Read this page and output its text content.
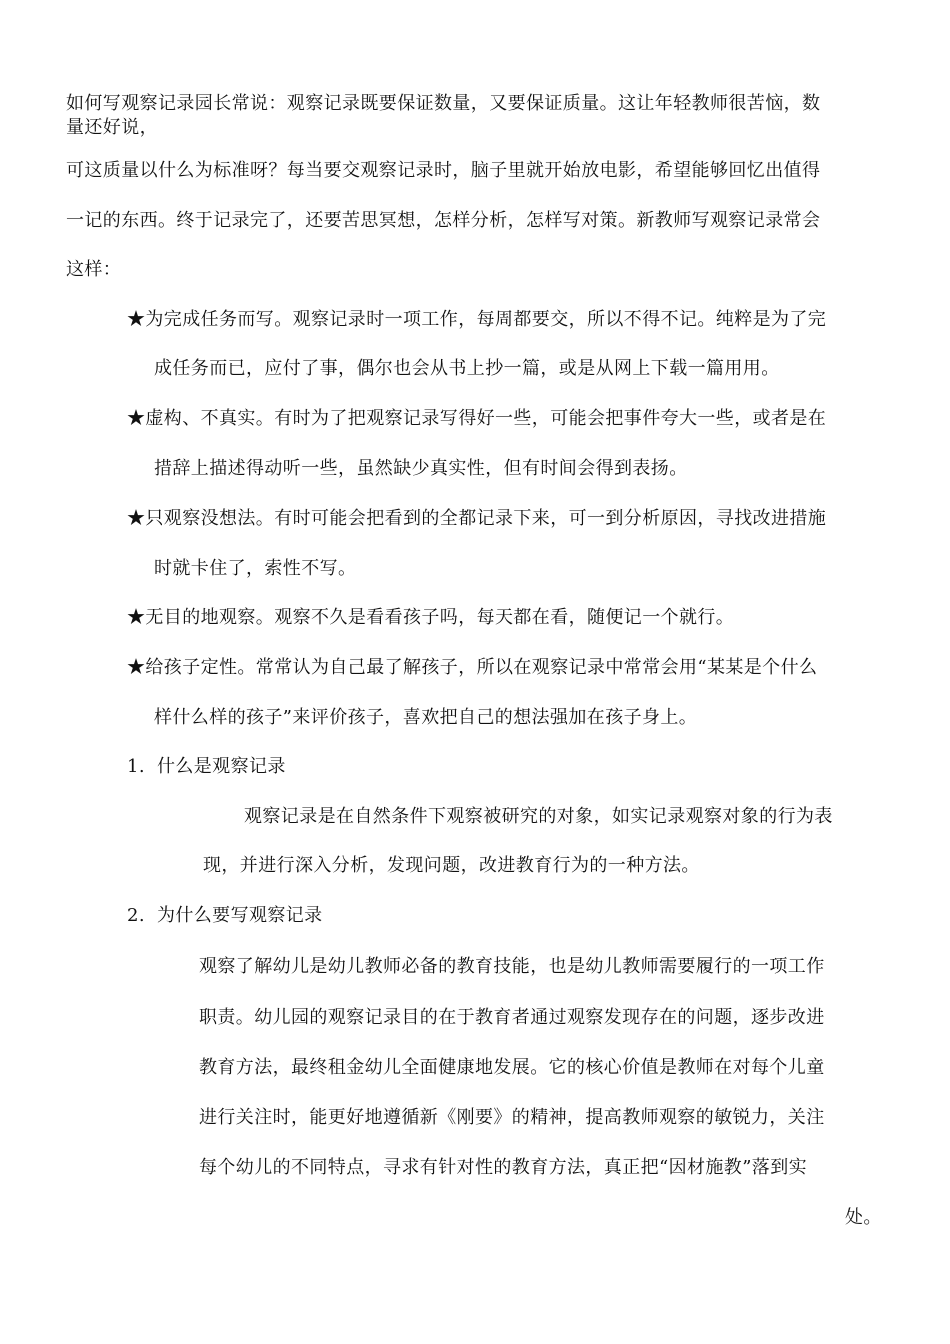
如何写观察记录园长常说：观察记录既要保证数量，又要保证质量。这让年轻教师很苦恼，数
量还好说，
可这质量以什么为标准呀？每当要交观察记录时，脑子里就开始放电影，希望能够回忆出值得
一记的东西。终于记录完了，还要苦思冥想，怎样分析，怎样写对策。新教师写观察记录常会
这样：
★为完成任务而写。观察记录时一项工作，每周都要交，所以不得不记。纯粹是为了完
成任务而已，应付了事，偶尔也会从书上抄一篇，或是从网上下载一篇用用。
★虚构、不真实。有时为了把观察记录写得好一些，可能会把事件夸大一些，或者是在
措辞上描述得动听一些，虽然缺少真实性，但有时间会得到表扬。
★只观察没想法。有时可能会把看到的全都记录下来，可一到分析原因，寻找改进措施
时就卡住了，索性不写。
★无目的地观察。观察不久是看看孩子吗，每天都在看，随便记一个就行。
★给孩子定性。常常认为自己最了解孩子，所以在观察记录中常常会用“某某是个什么
样什么样的孩子”来评价孩子，喜欢把自己的想法强加在孩子身上。
1. 什么是观察记录
观察记录是在自然条件下观察被研究的对象，如实记录观察对象的行为表
现，并进行深入分析，发现问题，改进教育行为的一种方法。
2. 为什么要写观察记录
观察了解幼儿是幼儿教师必备的教育技能，也是幼儿教师需要履行的一项工作
职责。幼儿园的观察记录目的在于教育者通过观察发现存在的问题，逐步改进
教育方法，最终租金幼儿全面健康地发展。它的核心价值是教师在对每个儿童
进行关注时，能更好地遵循新《刚要》的精神，提高教师观察的敏锐力，关注
每个幼儿的不同特点，寻求有针对性的教育方法，真正把“因材施教”落到实
处。
